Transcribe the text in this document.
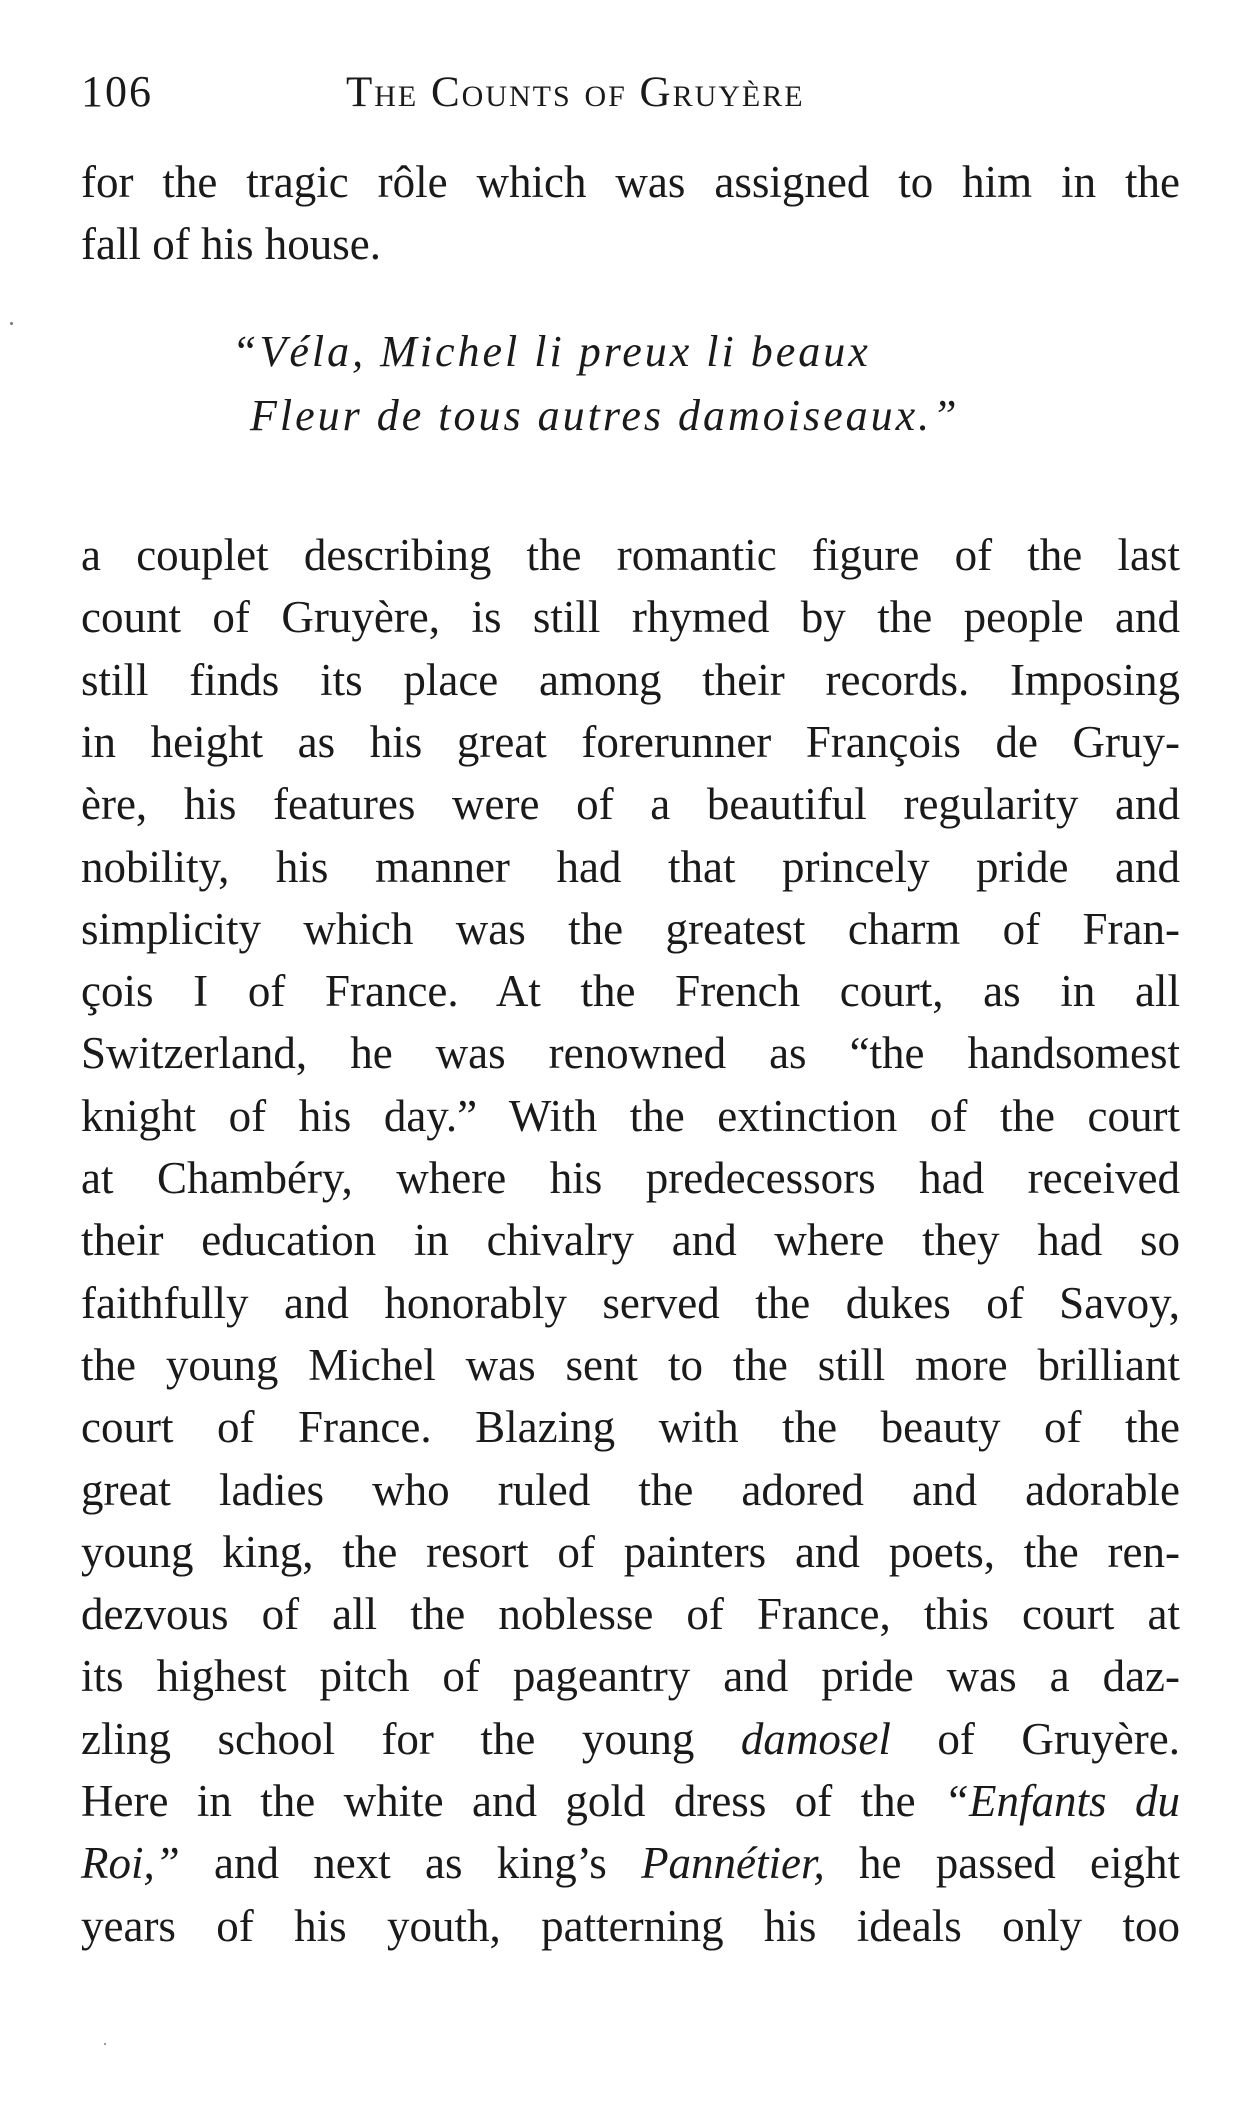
106	The Counts of Gruyère
for the tragic rôle which was assigned to him in the
fall of his house.
“Véla, Michel li preux li beaux
Fleur de tous autres damoiseaux.”
a couplet describing the romantic figure of the last
count of Gruyère, is still rhymed by the people and
still finds its place among their records. Imposing
in height as his great forerunner François de Gruy-
ère, his features were of a beautiful regularity and
nobility, his manner had that princely pride and
simplicity which was the greatest charm of Fran-
çois I of France. At the French court, as in all
Switzerland, he was renowned as “the handsomest
knight of his day.” With the extinction of the court
at Chambéry, where his predecessors had received
their education in chivalry and where they had so
faithfully and honorably served the dukes of Savoy,
the young Michel was sent to the still more brilliant
court of France. Blazing with the beauty of the
great ladies who ruled the adored and adorable
young king, the resort of painters and poets, the ren-
dezvous of all the noblesse of France, this court at
its highest pitch of pageantry and pride was a daz-
zling school for the young damosel of Gruyère.
Here in the white and gold dress of the “Enfants du
Roi,” and next as king’s Pannétier, he passed eight
years of his youth, patterning his ideals only too
